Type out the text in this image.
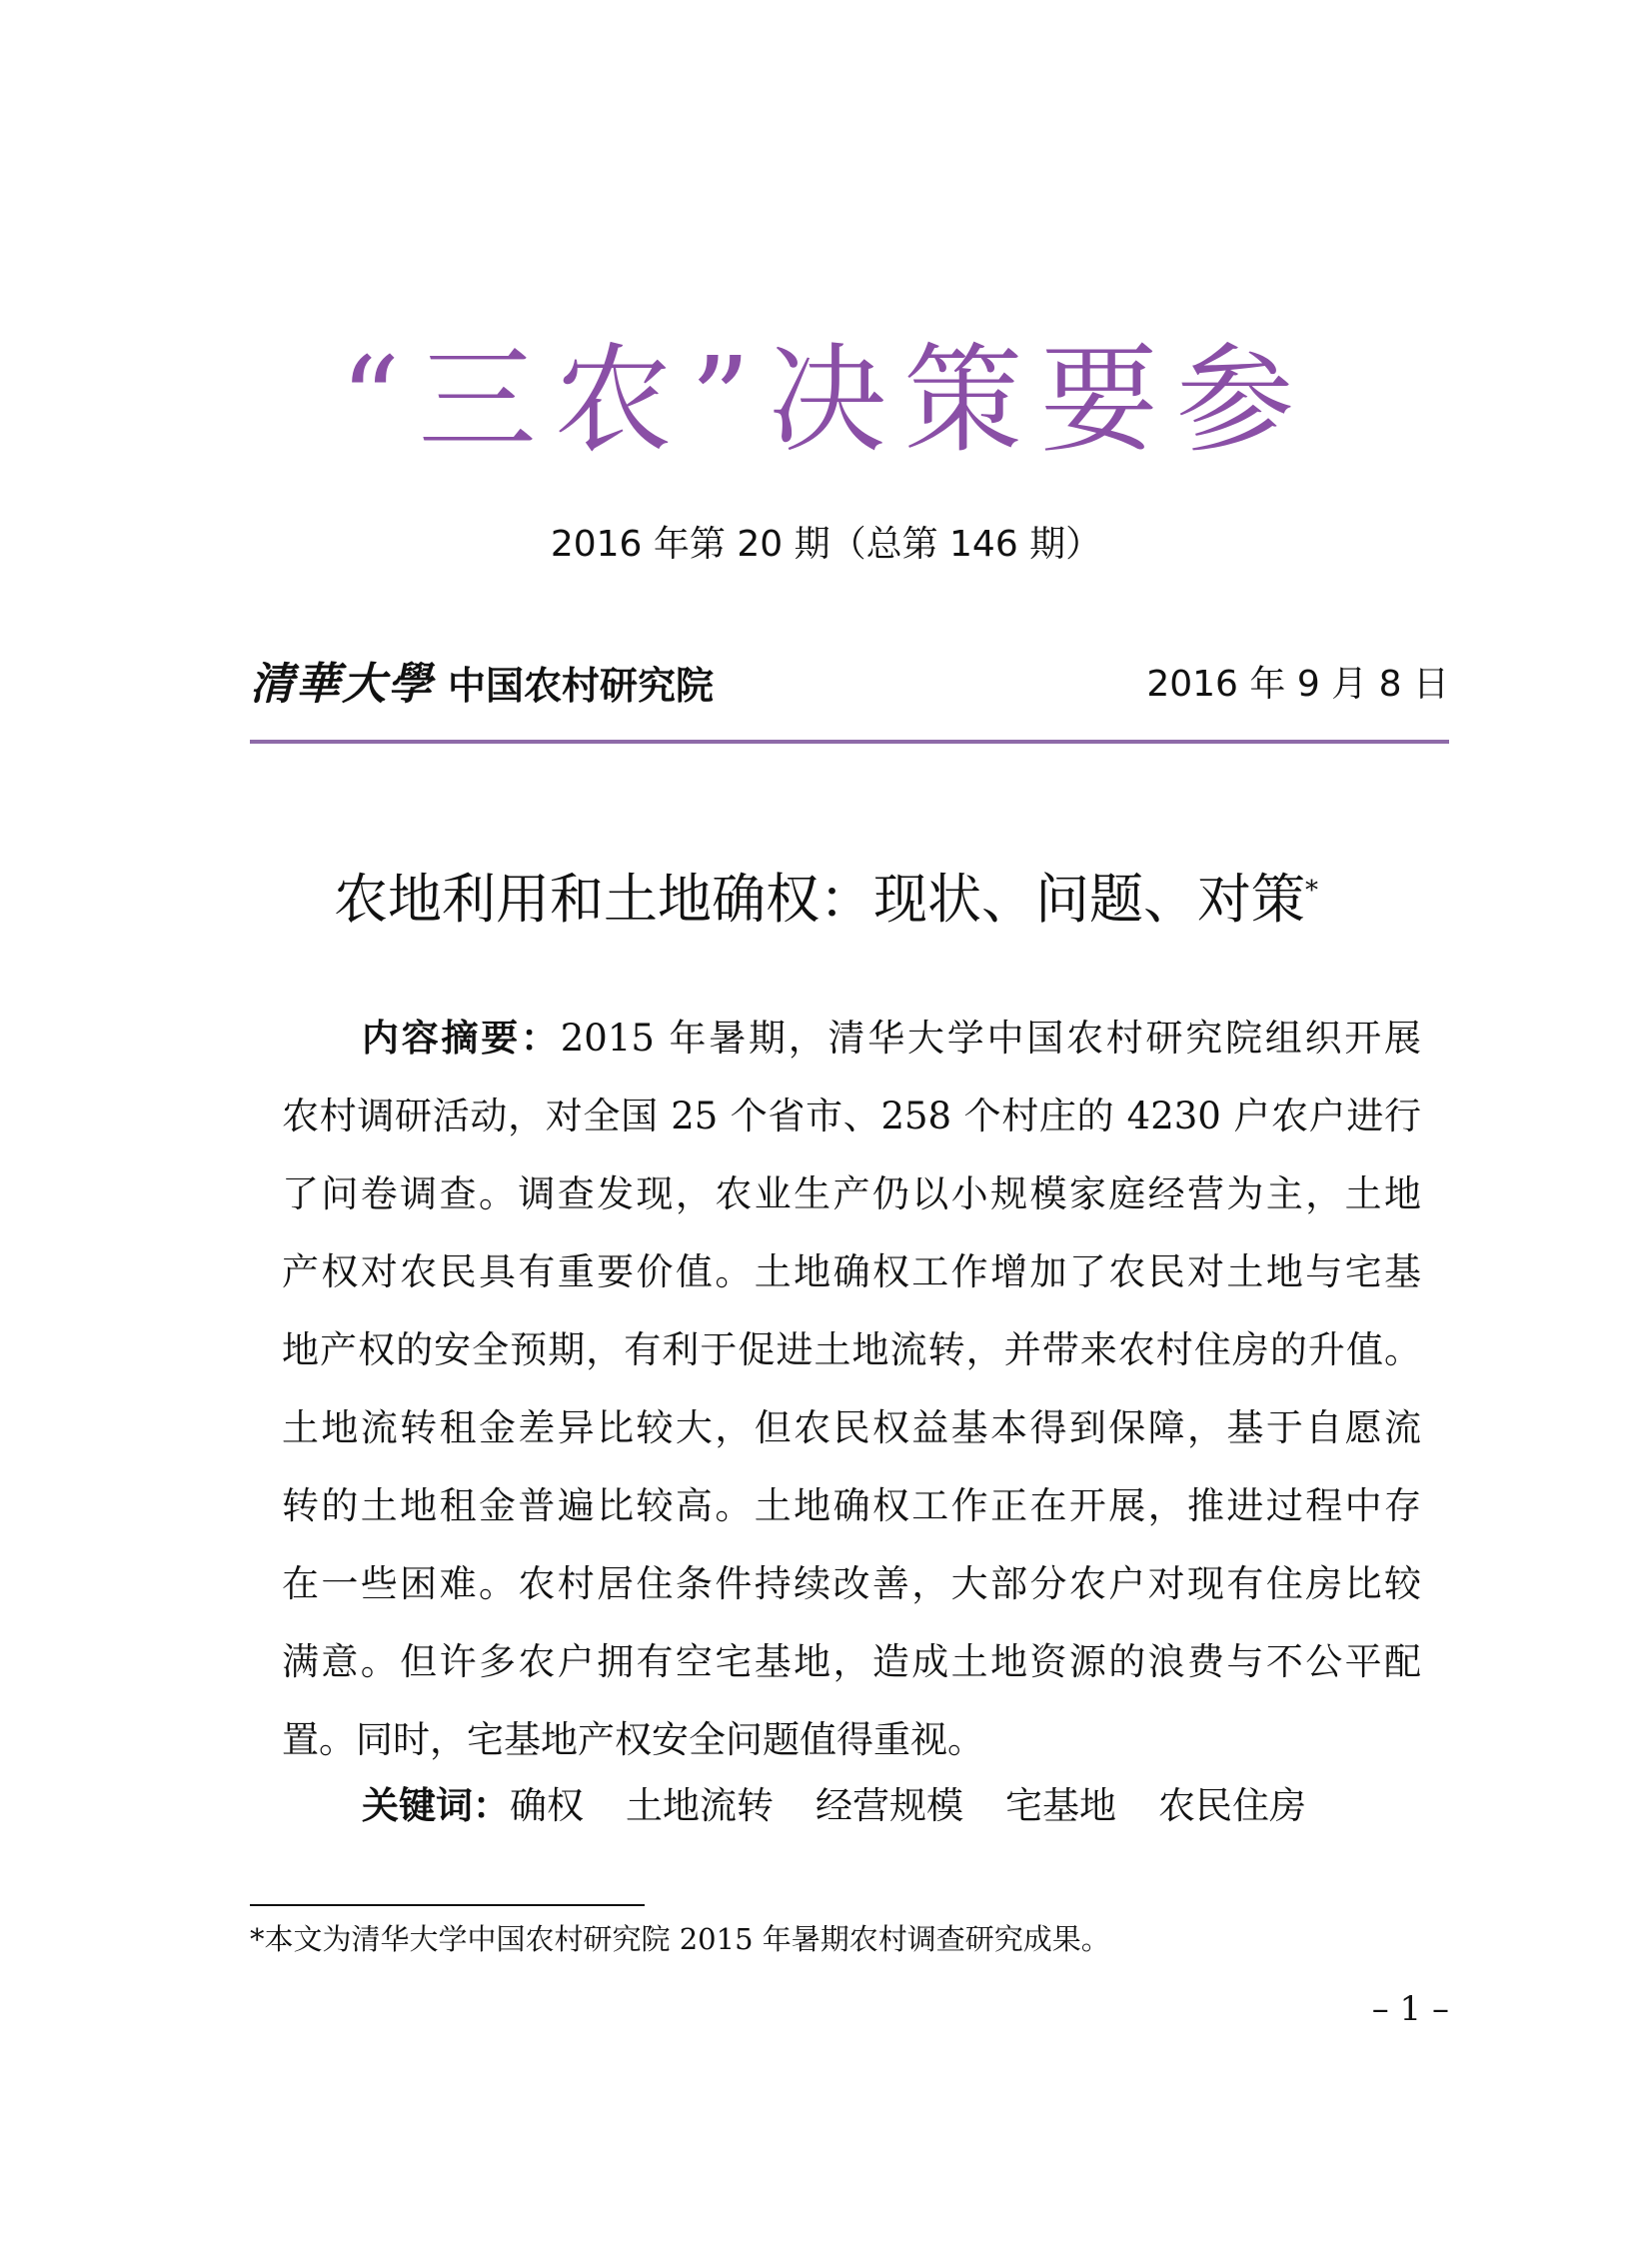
“三农”决策要参
2016 年第 20 期（总第 146 期）
清華大學 中国农村研究院	2016 年 9 月 8 日
农地利用和土地确权：现状、问题、对策*
内容摘要：2015 年暑期，清华大学中国农村研究院组织开展
农村调研活动，对全国 25 个省市、258 个村庄的 4230 户农户进行
了问卷调查。调查发现，农业生产仍以小规模家庭经营为主，土地
产权对农民具有重要价值。土地确权工作增加了农民对土地与宅基
地产权的安全预期，有利于促进土地流转，并带来农村住房的升值。
土地流转租金差异比较大，但农民权益基本得到保障，基于自愿流
转的土地租金普遍比较高。土地确权工作正在开展，推进过程中存
在一些困难。农村居住条件持续改善，大部分农户对现有住房比较
满意。但许多农户拥有空宅基地，造成土地资源的浪费与不公平配
置。同时，宅基地产权安全问题值得重视。
关键词：确权 土地流转 经营规模 宅基地 农民住房
*本文为清华大学中国农村研究院 2015 年暑期农村调查研究成果。
– 1 –
